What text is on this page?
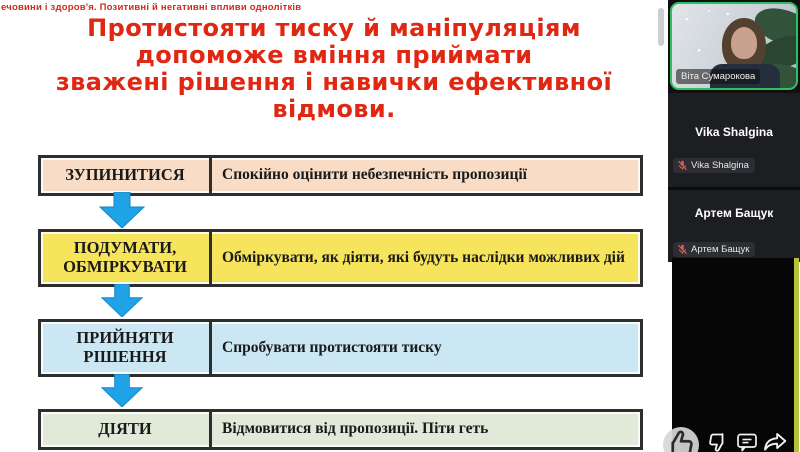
ечовини і здоров'я. Позитивні й негативні впливи однолітків
Протистояти тиску й маніпуляціям
допоможе вміння приймати
зважені рішення і навички ефективної
відмови.
ЗУПИНИТИСЯ	Спокійно оцінити небезпечність пропозиції
ПОДУМАТИ, ОБМІРКУВАТИ	Обміркувати, як діяти, які будуть наслідки можливих дій
ПРИЙНЯТИ РІШЕННЯ	Спробувати протистояти тиску
ДІЯТИ	Відмовитися від пропозиції. Піти геть
Віта Сумарокова
Vika Shalgina
Vika Shalgina
Артем Бащук
Артем Бащук
